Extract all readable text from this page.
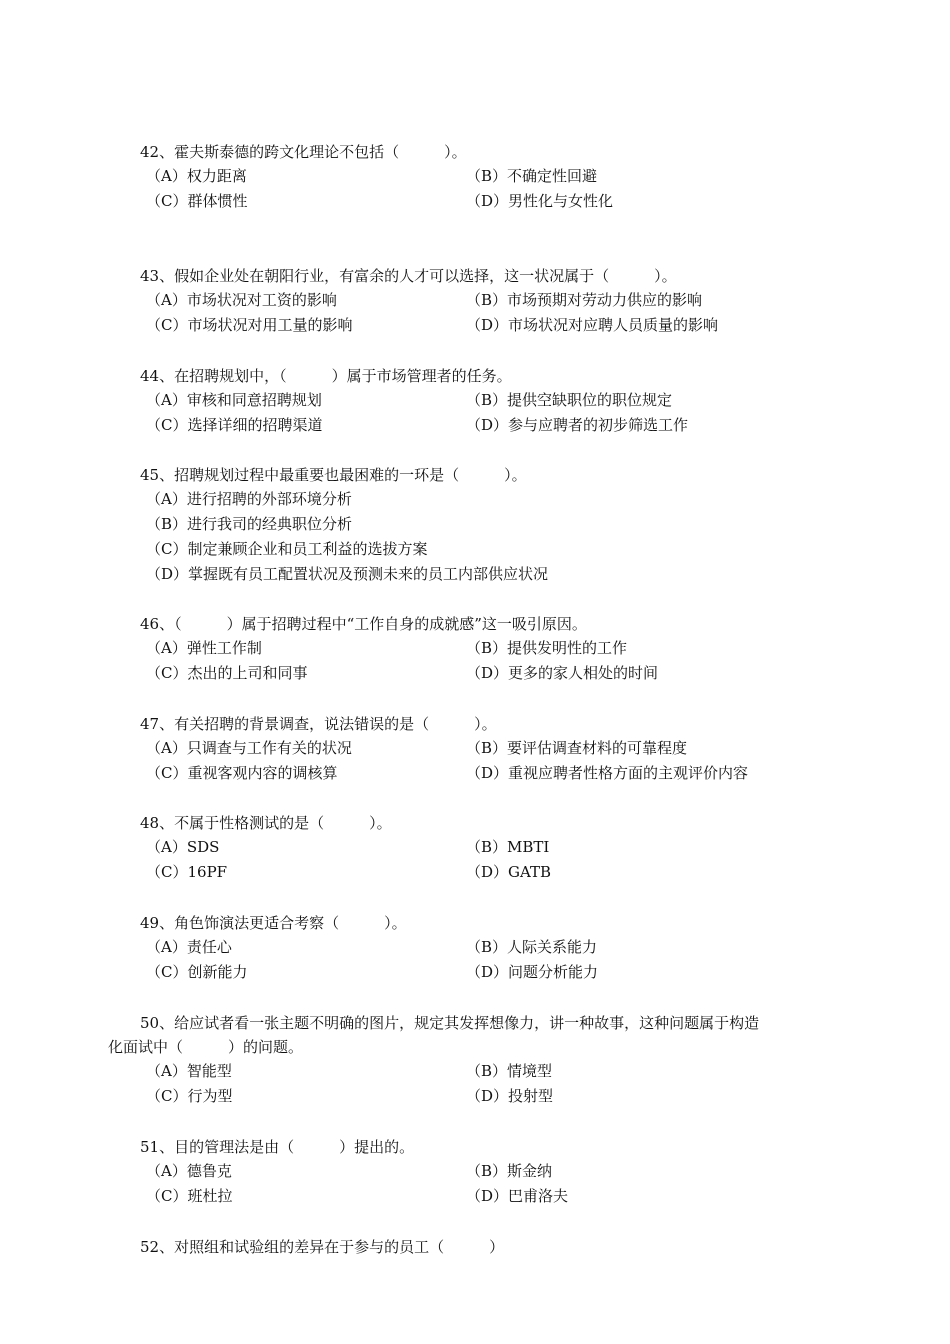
42、霍夫斯泰德的跨文化理论不包括（　　　）。
（A）权力距离	（B）不确定性回避
（C）群体惯性	（D）男性化与女性化
43、假如企业处在朝阳行业，有富余的人才可以选择，这一状况属于（　　　）。
（A）市场状况对工资的影响	（B）市场预期对劳动力供应的影响
（C）市场状况对用工量的影响	（D）市场状况对应聘人员质量的影响
44、在招聘规划中，（　　　）属于市场管理者的任务。
（A）审核和同意招聘规划	（B）提供空缺职位的职位规定
（C）选择详细的招聘渠道	（D）参与应聘者的初步筛选工作
45、招聘规划过程中最重要也最困难的一环是（　　　）。
（A）进行招聘的外部环境分析
（B）进行我司的经典职位分析
（C）制定兼顾企业和员工利益的选拔方案
（D）掌握既有员工配置状况及预测未来的员工内部供应状况
46、（　　　）属于招聘过程中“工作自身的成就感”这一吸引原因。
（A）弹性工作制	（B）提供发明性的工作
（C）杰出的上司和同事	（D）更多的家人相处的时间
47、有关招聘的背景调查，说法错误的是（　　　）。
（A）只调查与工作有关的状况	（B）要评估调查材料的可靠程度
（C）重视客观内容的调核算	（D）重视应聘者性格方面的主观评价内容
48、不属于性格测试的是（　　　）。
（A）SDS	（B）MBTI
（C）16PF	（D）GATB
49、角色饰演法更适合考察（　　　）。
（A）责任心	（B）人际关系能力
（C）创新能力	（D）问题分析能力
50、给应试者看一张主题不明确的图片，规定其发挥想像力，讲一种故事，这种问题属于构造
化面试中（　　　）的问题。
（A）智能型	（B）情境型
（C）行为型	（D）投射型
51、目的管理法是由（　　　）提出的。
（A）德鲁克	（B）斯金纳
（C）班杜拉	（D）巴甫洛夫
52、对照组和试验组的差异在于参与的员工（　　　）
